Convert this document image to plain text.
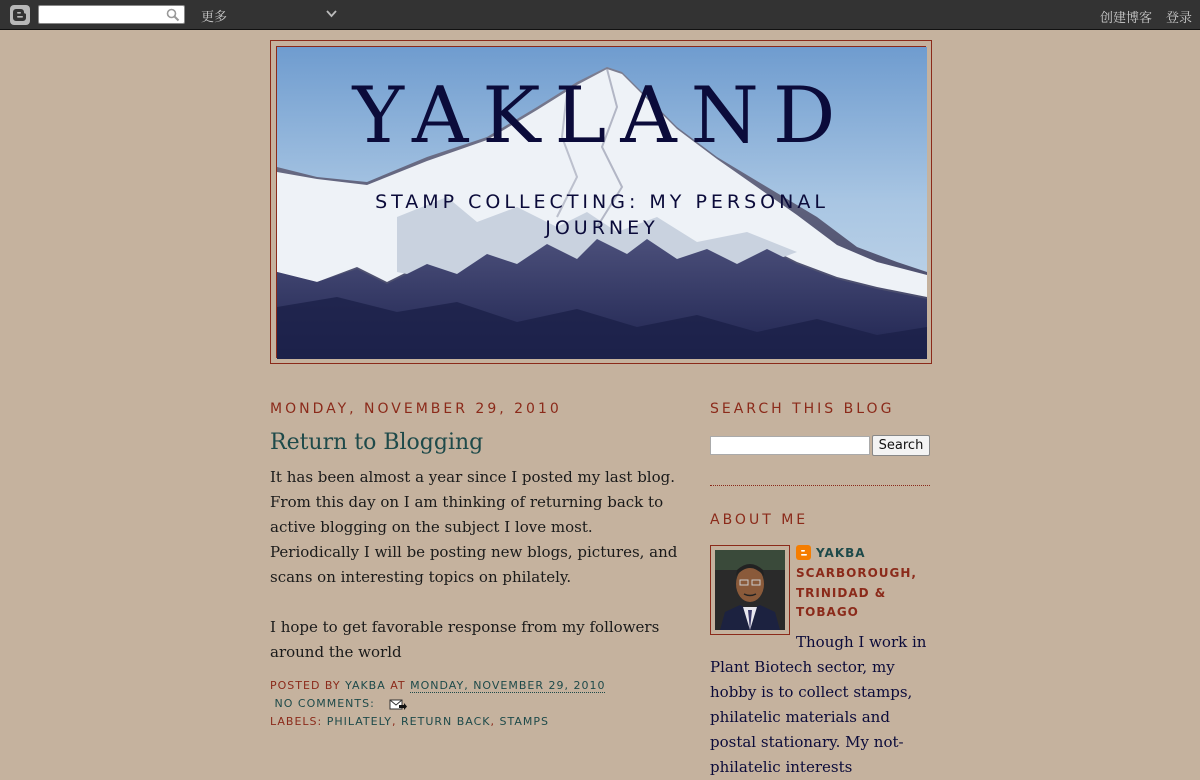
更多	创建博客 登录
YAKLAND
STAMP COLLECTING: MY PERSONAL JOURNEY
MONDAY, NOVEMBER 29, 2010
Return to Blogging

It has been almost a year since I posted my last blog. From this day on I am thinking of returning back to active blogging on the subject I love most. Periodically I will be posting new blogs, pictures, and scans on interesting topics on philately.

I hope to get favorable response from my followers around the world

POSTED BY YAKBA AT MONDAY, NOVEMBER 29, 2010
NO COMMENTS:
LABELS: PHILATELY, RETURN BACK, STAMPS
SEARCH THIS BLOG
Search
ABOUT ME
YAKBA
SCARBOROUGH, TRINIDAD & TOBAGO
Though I work in Plant Biotech sector, my hobby is to collect stamps, philatelic materials and postal stationary. My not-philatelic interests
